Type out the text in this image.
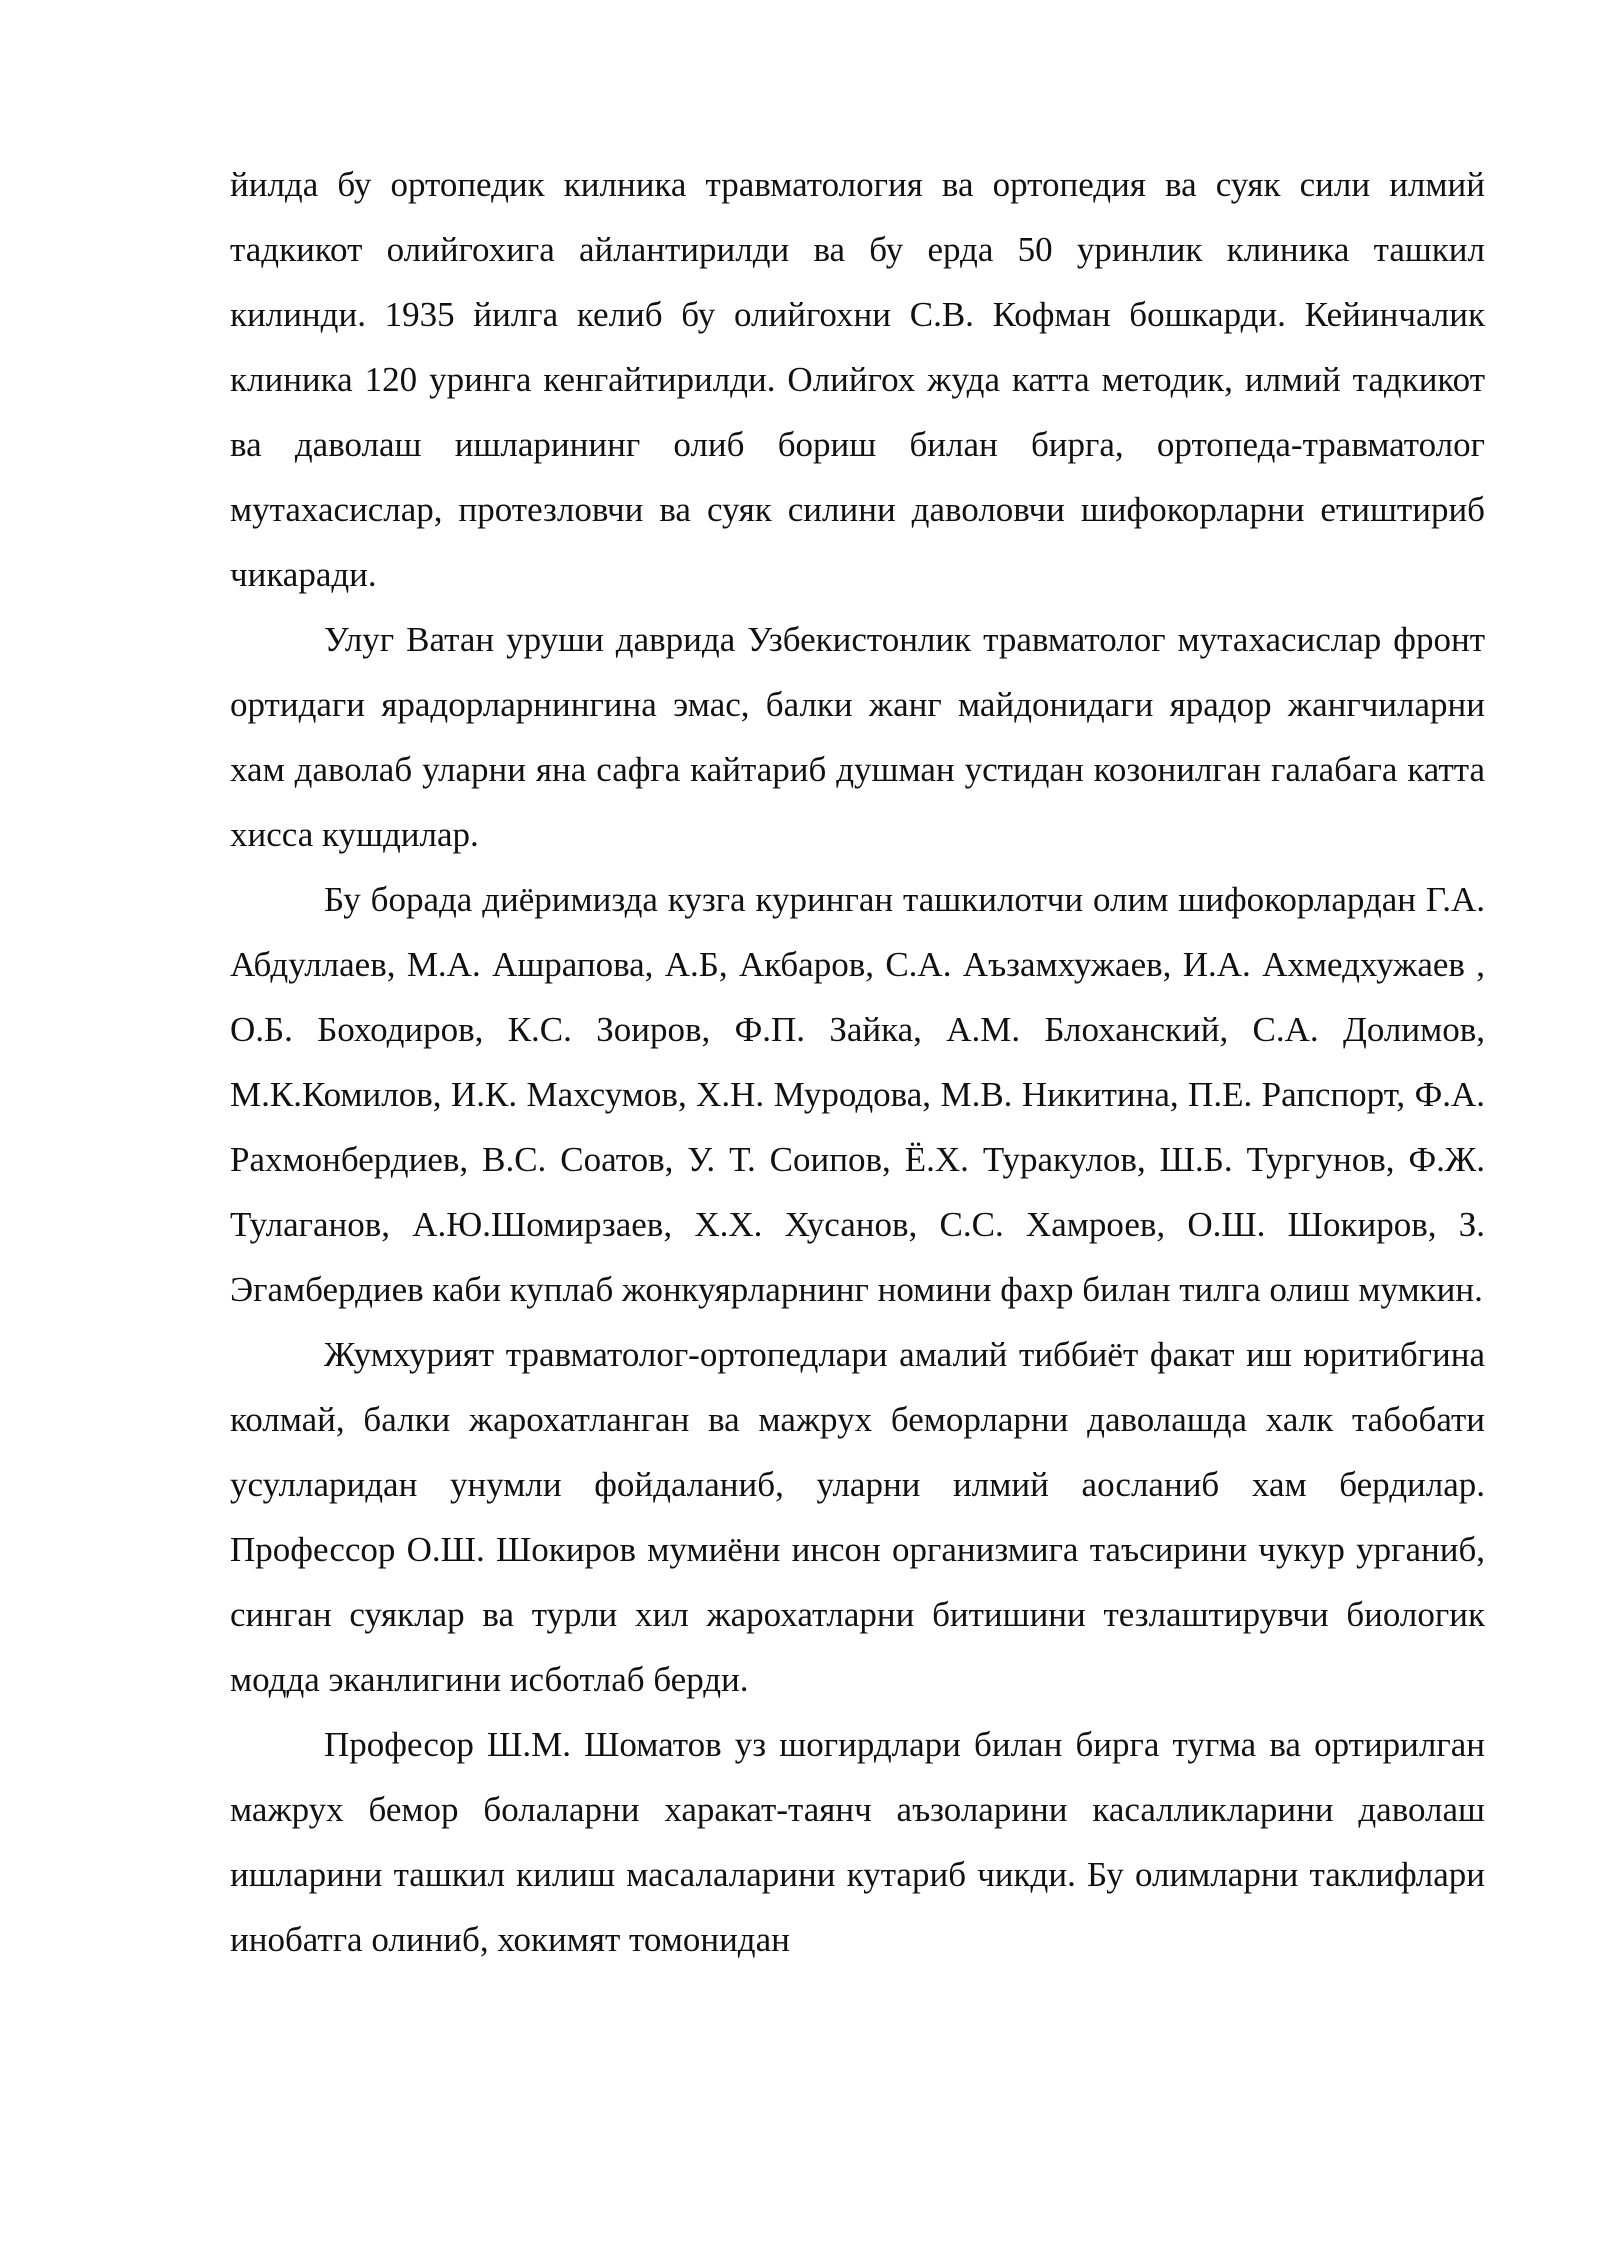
йилда бу ортопедик килника травматология ва ортопедия ва суяк сили илмий тадкикот олийгохига айлантирилди ва бу ерда 50 уринлик клиника ташкил килинди. 1935 йилга келиб бу олийгохни С.В. Кофман бошкарди. Кейинчалик клиника 120 уринга кенгайтирилди. Олийгох жуда катта методик, илмий тадкикот ва даволаш ишларининг олиб бориш билан бирга, ортопеда-травматолог мутахасислар, протезловчи ва суяк силини даволовчи шифокорларни етиштириб чикаради.

Улуг Ватан уруши даврида Узбекистонлик травматолог мутахасислар фронт ортидаги ярадорларнингина эмас, балки жанг майдонидаги ярадор жангчиларни хам даволаб уларни яна сафга кайтариб душман устидан козонилган галабага катта хисса кушдилар.

Бу борада диёримизда кузга куринган ташкилотчи олим шифокорлардан Г.А. Абдуллаев, М.А. Ашрапова, А.Б, Акбаров, С.А. Аъзамхужаев, И.А. Ахмедхужаев , О.Б. Боходиров, К.С. Зоиров, Ф.П. Зайка, А.М. Блоханский, С.А. Долимов, М.К.Комилов, И.К. Махсумов, Х.Н. Муродова, М.В. Никитина, П.Е. Рапспорт, Ф.А. Рахмонбердиев, В.С. Соатов, У. Т. Соипов, Ё.Х. Туракулов, Ш.Б. Тургунов, Ф.Ж. Тулаганов, А.Ю.Шомирзаев, Х.Х. Хусанов, С.С. Хамроев, О.Ш. Шокиров, З. Эгамбердиев каби куплаб жонкуярларнинг номини фахр билан тилга олиш мумкин.

Жумхурият травматолог-ортопедлари амалий тиббиёт факат иш юритибгина колмай, балки жарохатланган ва мажрух беморларни даволашда халк табобати усулларидан унумли фойдаланиб, уларни илмий аосланиб хам бердилар. Профессор О.Ш. Шокиров мумиёни инсон организмига таъсирини чукур урганиб, синган суяклар ва турли хил жарохатларни битишини тезлаштирувчи биологик модда эканлигини исботлаб берди.

Професор Ш.М. Шоматов уз шогирдлари билан бирга тугма ва ортирилган мажрух бемор болаларни харакат-таянч аъзоларини касалликларини даволаш ишларини ташкил килиш масалаларини кутариб чикди. Бу олимларни таклифлари инобатга олиниб, хокимят томонидан
